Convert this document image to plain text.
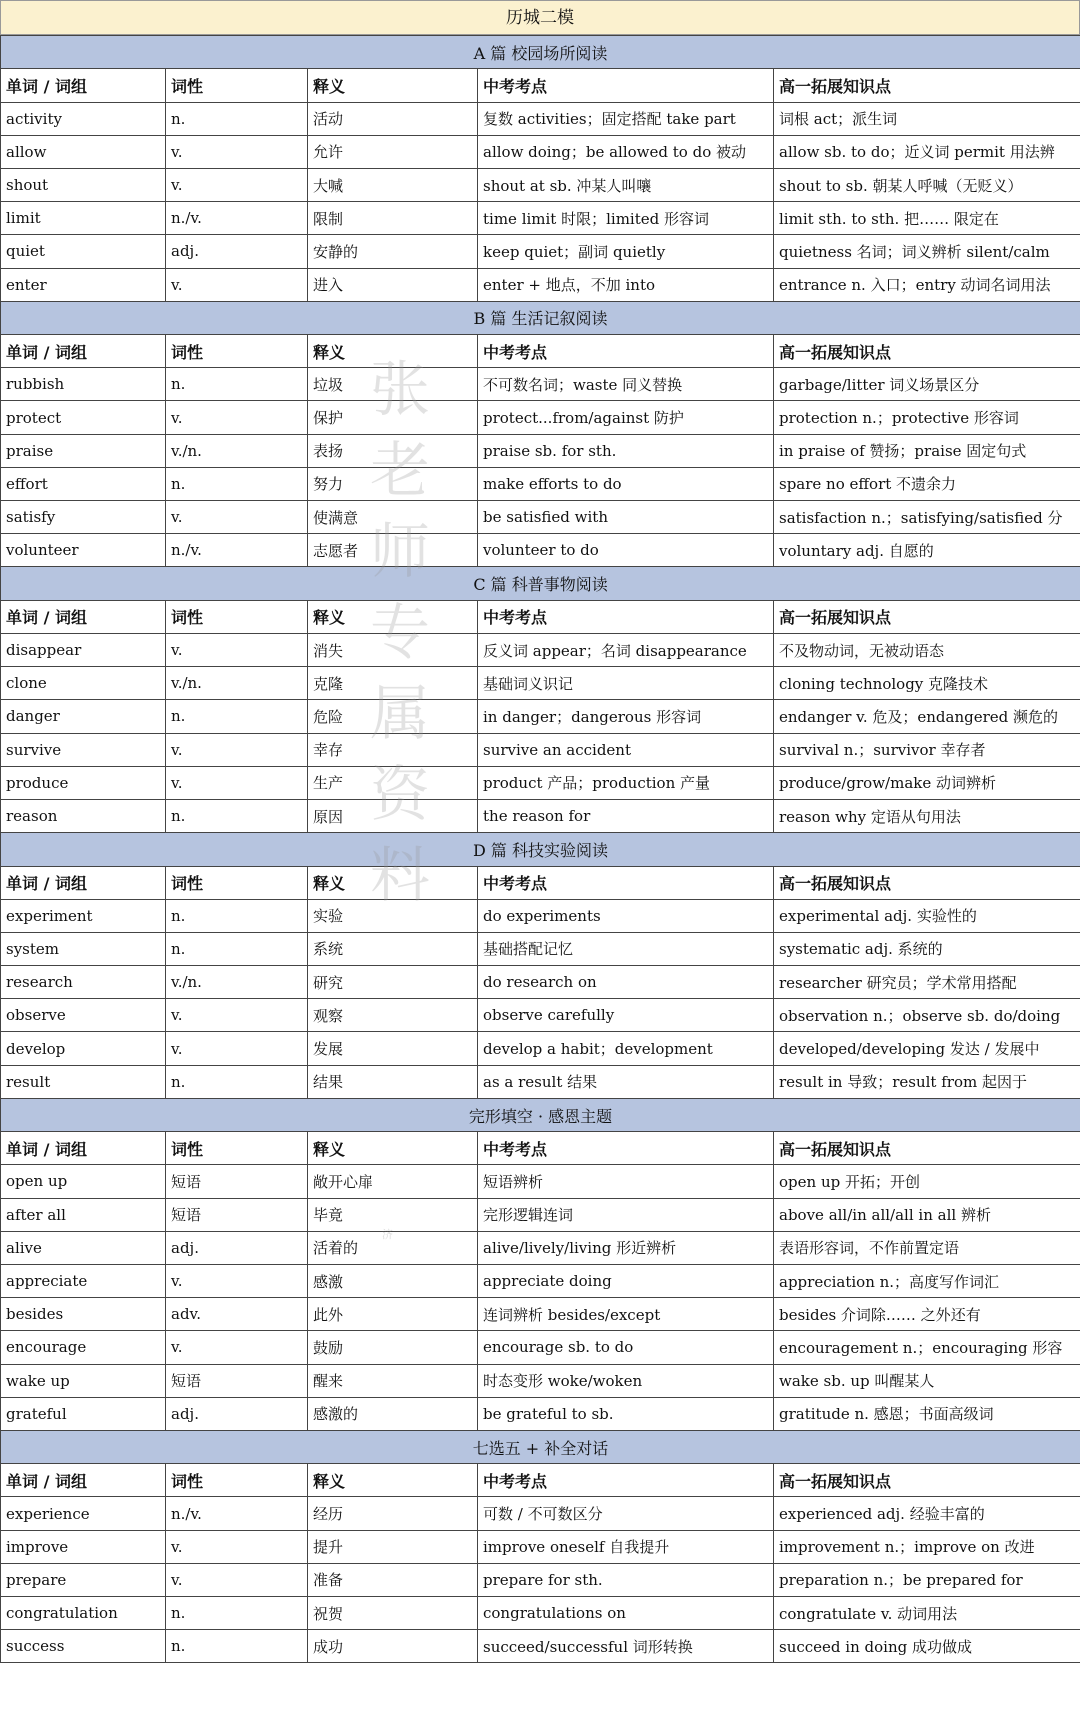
历城二模
A 篇 校园场所阅读				
单词 / 词组	词性	释义	中考考点	高一拓展知识点
activity	n.	活动	复数 activities；固定搭配 take part	词根 act；派生词
allow	v.	允许	allow doing；be allowed to do 被动	allow sb. to do；近义词 permit 用法辨
shout	v.	大喊	shout at sb. 冲某人叫嚷	shout to sb. 朝某人呼喊（无贬义）
limit	n./v.	限制	time limit 时限；limited 形容词	limit sth. to sth. 把…… 限定在
quiet	adj.	安静的	keep quiet；副词 quietly	quietness 名词；词义辨析 silent/calm
enter	v.	进入	enter + 地点，不加 into	entrance n. 入口；entry 动词名词用法
B 篇 生活记叙阅读				
单词 / 词组	词性	释义	中考考点	高一拓展知识点
rubbish	n.	垃圾	不可数名词；waste 同义替换	garbage/litter 词义场景区分
protect	v.	保护	protect...from/against 防护	protection n.；protective 形容词
praise	v./n.	表扬	praise sb. for sth.	in praise of 赞扬；praise 固定句式
effort	n.	努力	make efforts to do	spare no effort 不遗余力
satisfy	v.	使满意	be satisfied with	satisfaction n.；satisfying/satisfied 分
volunteer	n./v.	志愿者	volunteer to do	voluntary adj. 自愿的
C 篇 科普事物阅读				
单词 / 词组	词性	释义	中考考点	高一拓展知识点
disappear	v.	消失	反义词 appear；名词 disappearance	不及物动词，无被动语态
clone	v./n.	克隆	基础词义识记	cloning technology 克隆技术
danger	n.	危险	in danger；dangerous 形容词	endanger v. 危及；endangered 濒危的
survive	v.	幸存	survive an accident	survival n.；survivor 幸存者
produce	v.	生产	product 产品；production 产量	produce/grow/make 动词辨析
reason	n.	原因	the reason for	reason why 定语从句用法
D 篇 科技实验阅读				
单词 / 词组	词性	释义	中考考点	高一拓展知识点
experiment	n.	实验	do experiments	experimental adj. 实验性的
system	n.	系统	基础搭配记忆	systematic adj. 系统的
research	v./n.	研究	do research on	researcher 研究员；学术常用搭配
observe	v.	观察	observe carefully	observation n.；observe sb. do/doing
develop	v.	发展	develop a habit；development	developed/developing 发达 / 发展中
result	n.	结果	as a result 结果	result in 导致；result from 起因于
完形填空 · 感恩主题				
单词 / 词组	词性	释义	中考考点	高一拓展知识点
open up	短语	敞开心扉	短语辨析	open up 开拓；开创
after all	短语	毕竟	完形逻辑连词	above all/in all/all in all 辨析
alive	adj.	活着的	alive/lively/living 形近辨析	表语形容词，不作前置定语
appreciate	v.	感激	appreciate doing	appreciation n.；高度写作词汇
besides	adv.	此外	连词辨析 besides/except	besides 介词除…… 之外还有
encourage	v.	鼓励	encourage sb. to do	encouragement n.；encouraging 形容
wake up	短语	醒来	时态变形 woke/woken	wake sb. up 叫醒某人
grateful	adj.	感激的	be grateful to sb.	gratitude n. 感恩；书面高级词
七选五 + 补全对话				
单词 / 词组	词性	释义	中考考点	高一拓展知识点
experience	n./v.	经历	可数 / 不可数区分	experienced adj. 经验丰富的
improve	v.	提升	improve oneself 自我提升	improvement n.；improve on 改进
prepare	v.	准备	prepare for sth.	preparation n.；be prepared for
congratulation	n.	祝贺	congratulations on	congratulate v. 动词用法
success	n.	成功	succeed/successful 词形转换	succeed in doing 成功做成
张老师专属资料
济
